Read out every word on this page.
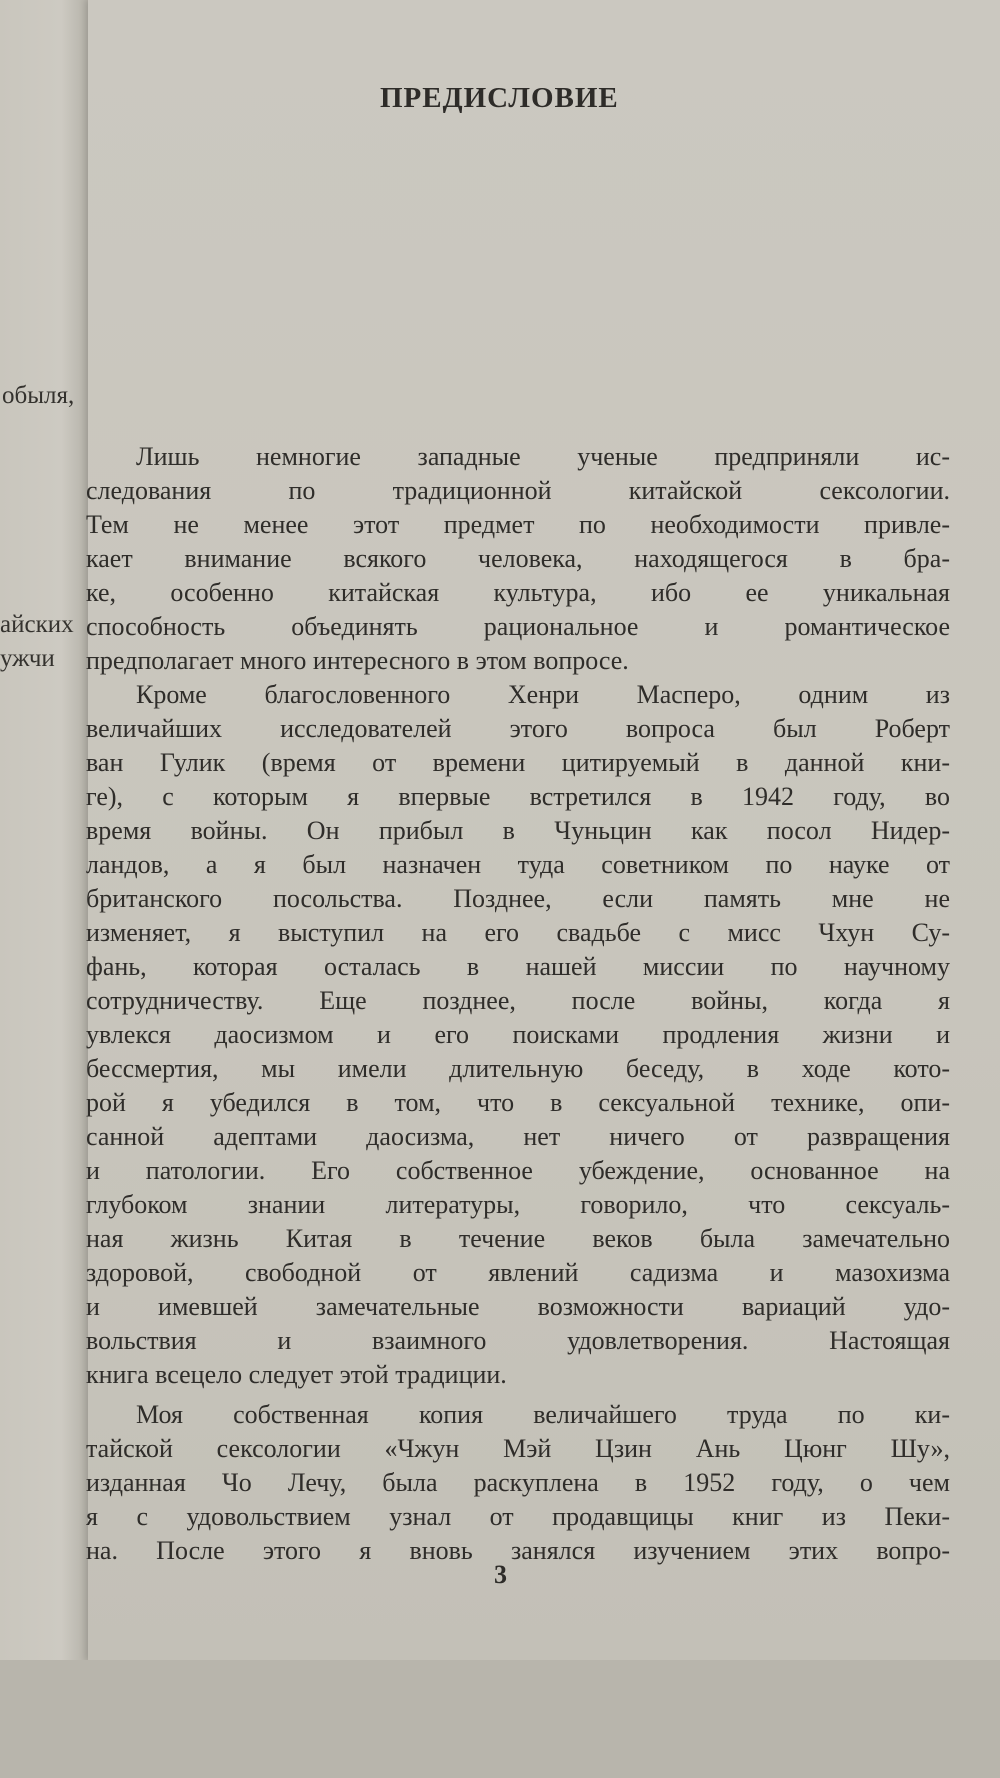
обыля,
айских
ужчи
ПРЕДИСЛОВИЕ
Лишь немногие западные ученые предприняли ис-
следования по традиционной китайской сексологии.
Тем не менее этот предмет по необходимости привле-
кает внимание всякого человека, находящегося в бра-
ке, особенно китайская культура, ибо ее уникальная
способность объединять рациональное и романтическое
предполагает много интересного в этом вопросе.
Кроме благословенного Хенри Масперо, одним из
величайших исследователей этого вопроса был Роберт
ван Гулик (время от времени цитируемый в данной кни-
ге), с которым я впервые встретился в 1942 году, во
время войны. Он прибыл в Чуньцин как посол Нидер-
ландов, а я был назначен туда советником по науке от
британского посольства. Позднее, если память мне не
изменяет, я выступил на его свадьбе с мисс Чхун Су-
фань, которая осталась в нашей миссии по научному
сотрудничеству. Еще позднее, после войны, когда я
увлекся даосизмом и его поисками продления жизни и
бессмертия, мы имели длительную беседу, в ходе кото-
рой я убедился в том, что в сексуальной технике, опи-
санной адептами даосизма, нет ничего от развращения
и патологии. Его собственное убеждение, основанное на
глубоком знании литературы, говорило, что сексуаль-
ная жизнь Китая в течение веков была замечательно
здоровой, свободной от явлений садизма и мазохизма
и имевшей замечательные возможности вариаций удо-
вольствия и взаимного удовлетворения. Настоящая
книга всецело следует этой традиции.
Моя собственная копия величайшего труда по ки-
тайской сексологии «Чжун Мэй Цзин Ань Цюнг Шу»,
изданная Чо Лечу, была раскуплена в 1952 году, о чем
я с удовольствием узнал от продавщицы книг из Пеки-
на. После этого я вновь занялся изучением этих вопро-
3
